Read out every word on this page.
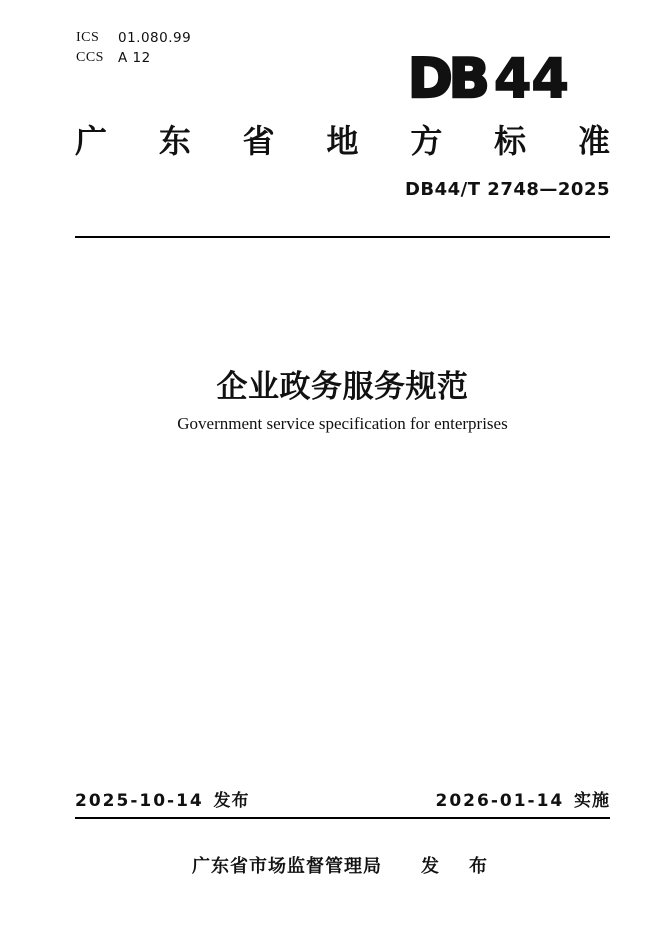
ICS	01.080.99
CCS	A 12	DB 44
广 东 省 地 方 标 准
DB44/T 2748—2025
企业政务服务规范
Government service specification for enterprises
2025-10-14 发布	2026-01-14 实施
广东省市场监督管理局 发　布
